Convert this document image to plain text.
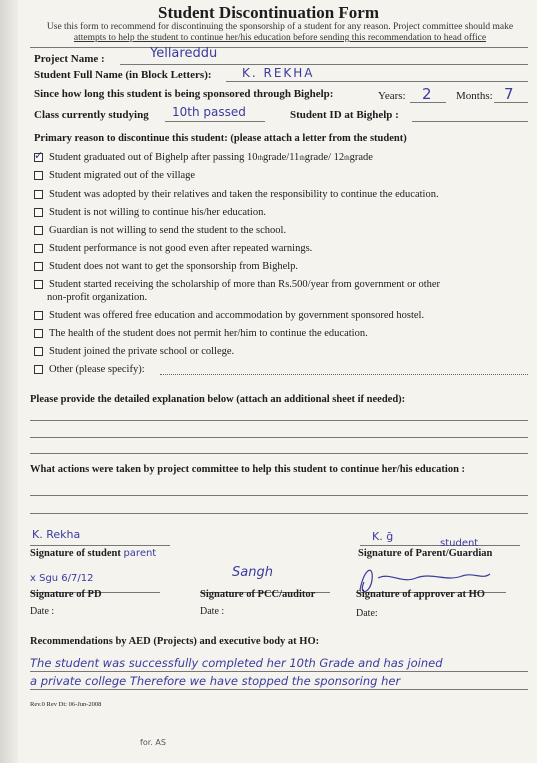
Student Discontinuation Form
Use this form to recommend for discontinuing the sponsorship of a student for any reason. Project committee should make
attempts to help the student to continue her/his education before sending this recommendation to head office
Project Name :	Yellareddu
Student Full Name (in Block Letters):	K. REKHA
Since how long this student is being sponsored through Bighelp:	Years: 2 Months: 7
Class currently studying 10th passed	Student ID at Bighelp :
Primary reason to discontinue this student: (please attach a letter from the student)
✓
Student graduated out of Bighelp after passing 10 th grade/11 th grade/ 12 th grade
Student migrated out of the village
Student was adopted by their relatives and taken the responsibility to continue the education.
Student is not willing to continue his/her education.
Guardian is not willing to send the student to the school.
Student performance is not good even after repeated warnings.
Student does not want to get the sponsorship from Bighelp.
Student started receiving the scholarship of more than Rs.500/year from government or other
non-profit organization.
Student was offered free education and accommodation by government sponsored hostel.
The health of the student does not permit her/him to continue the education.
Student joined the private school or college.
Other (please specify):
Please provide the detailed explanation below (attach an additional sheet if needed):
What actions were taken by project committee to help this student to continue her/his education :
K. Rekha	K. ḡ
Signature of student parent	Signature of Parent/Guardian
student
x Sgu 6/7/12	Sangh
Signature of PD	Signature of PCC/auditor	Signature of approver at HO
Date :	Date :	Date:
Recommendations by AED (Projects) and executive body at HO:
The student was successfully completed her 10th Grade and has joined
a private college Therefore we have stopped the sponsoring her
Rev.0 Rev Dt: 06-Jun-2008
for. AS
